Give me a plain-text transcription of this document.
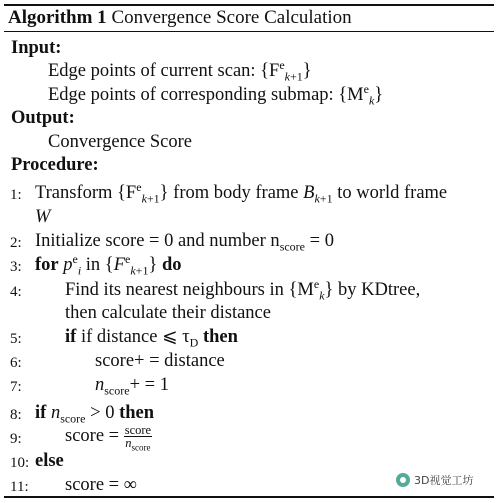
Algorithm 1 Convergence Score Calculation
Input:
Edge points of current scan: $\{F^e_{k+1}\}$
Edge points of corresponding submap: $\{M^e_k\}$
Output:
Convergence Score
Procedure:
1: Transform $\{F^e_{k+1}\}$ from body frame $B_{k+1}$ to world frame
W
2: Initialize score = 0 and number $n_{score} = 0$
3: for $p^e_i$ in $\{F^e_{k+1}\}$ do
4:	Find its nearest neighbours in $\{M^e_k\}$ by KDtree,
then calculate their distance
5:	if if distance ⩽ $\tau_D$ then
6:	score+ = distance
7:	$n_{score}+ = 1$
8: if $n_{score} > 0$ then
9:	score = $\frac{\text{score}}{n_{score}}$
10: else
11: score = ∞	3D视觉工坊
